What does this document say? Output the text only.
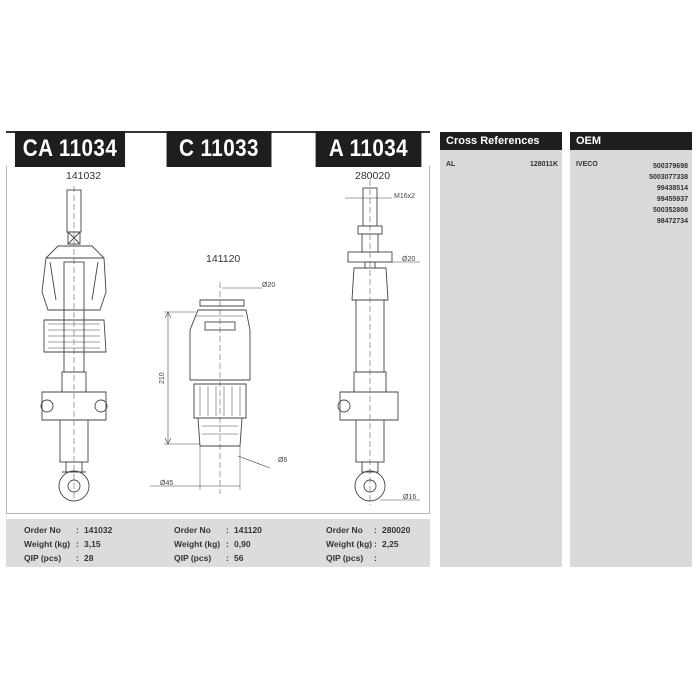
CA 11034	C 11033	A 11034
141032
141120
280020
Ø20
210
Ø6
Ø45
M16x2
Ø20
Ø16
Order No : 141032
Weight (kg) : 3,15
QIP (pcs) : 28
Order No : 141120
Weight (kg) : 0,90
QIP (pcs) : 56
Order No : 280020
Weight (kg) : 2,25
QIP (pcs) :
Cross References
AL	128011K
OEM
IVECO	500379698
5003077338
99438514
99455937
500352808
98472734
